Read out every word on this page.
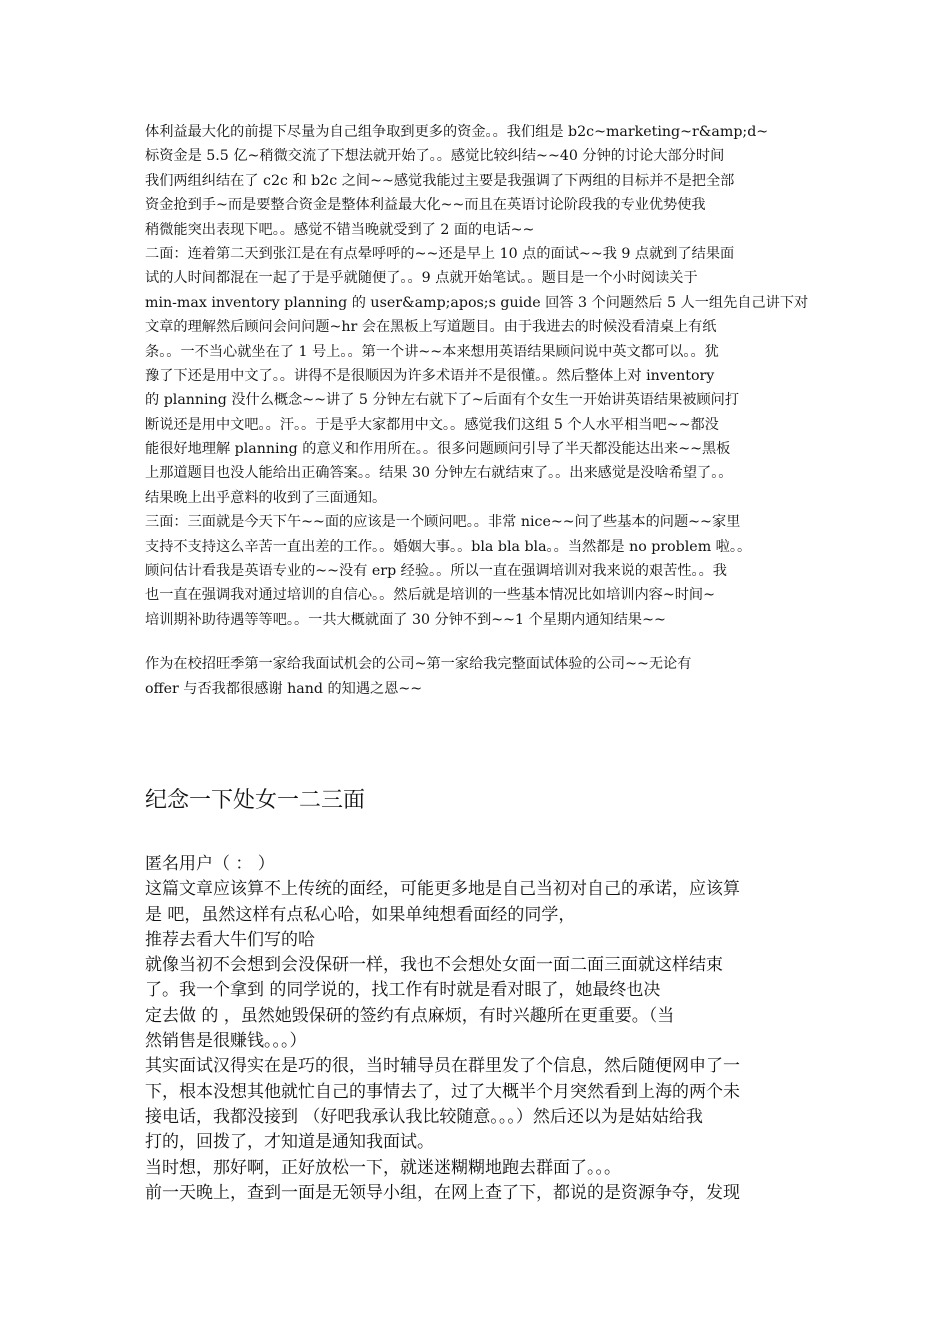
体利益最大化的前提下尽量为自己组争取到更多的资金。。我们组是 b2c~marketing~r&amp;d~
标资金是 5.5 亿~稍微交流了下想法就开始了。。感觉比较纠结~~40 分钟的讨论大部分时间
我们两组纠结在了 c2c 和 b2c 之间~~感觉我能过主要是我强调了下两组的目标并不是把全部
资金抢到手~而是要整合资金是整体利益最大化~~而且在英语讨论阶段我的专业优势使我
稍微能突出表现下吧。。感觉不错当晚就受到了 2 面的电话~~
二面：连着第二天到张江是在有点晕呼呼的~~还是早上 10 点的面试~~我 9 点就到了结果面
试的人时间都混在一起了于是乎就随便了。。9 点就开始笔试。。题目是一个小时阅读关于
min-max inventory planning 的 user&amp;apos;s guide 回答 3 个问题然后 5 人一组先自己讲下对
文章的理解然后顾问会问问题~hr 会在黑板上写道题目。由于我进去的时候没看清桌上有纸
条。。一不当心就坐在了 1 号上。。第一个讲~~本来想用英语结果顾问说中英文都可以。。犹
豫了下还是用中文了。。讲得不是很顺因为许多术语并不是很懂。。然后整体上对 inventory
的 planning 没什么概念~~讲了 5 分钟左右就下了~后面有个女生一开始讲英语结果被顾问打
断说还是用中文吧。。汗。。于是乎大家都用中文。。感觉我们这组 5 个人水平相当吧~~都没
能很好地理解 planning 的意义和作用所在。。很多问题顾问引导了半天都没能达出来~~黑板
上那道题目也没人能给出正确答案。。结果 30 分钟左右就结束了。。出来感觉是没啥希望了。。
结果晚上出乎意料的收到了三面通知。
三面：三面就是今天下午~~面的应该是一个顾问吧。。非常 nice~~问了些基本的问题~~家里
支持不支持这么辛苦一直出差的工作。。婚姻大事。。bla bla bla。。当然都是 no problem 啦。。
顾问估计看我是英语专业的~~没有 erp 经验。。所以一直在强调培训对我来说的艰苦性。。我
也一直在强调我对通过培训的自信心。。然后就是培训的一些基本情况比如培训内容~时间~
培训期补助待遇等等吧。。一共大概就面了 30 分钟不到~~1 个星期内通知结果~~
作为在校招旺季第一家给我面试机会的公司~第一家给我完整面试体验的公司~~无论有
offer 与否我都很感谢 hand 的知遇之恩~~
纪念一下处女一二三面
匿名用户（ ： ）
这篇文章应该算不上传统的面经，可能更多地是自己当初对自己的承诺，应该算
是 吧，虽然这样有点私心哈，如果单纯想看面经的同学，
推荐去看大牛们写的哈
就像当初不会想到会没保研一样，我也不会想处女面一面二面三面就这样结束
了。我一个拿到 的同学说的，找工作有时就是看对眼了，她最终也决
定去做 的 ，虽然她毁保研的签约有点麻烦，有时兴趣所在更重要。（当
然销售是很赚钱。。。）
其实面试汉得实在是巧的很，当时辅导员在群里发了个信息，然后随便网申了一
下，根本没想其他就忙自己的事情去了，过了大概半个月突然看到上海的两个未
接电话，我都没接到 （好吧我承认我比较随意。。。）然后还以为是姑姑给我
打的，回拨了，才知道是通知我面试。
当时想，那好啊，正好放松一下，就迷迷糊糊地跑去群面了。。。
前一天晚上，查到一面是无领导小组，在网上查了下，都说的是资源争夺，发现
